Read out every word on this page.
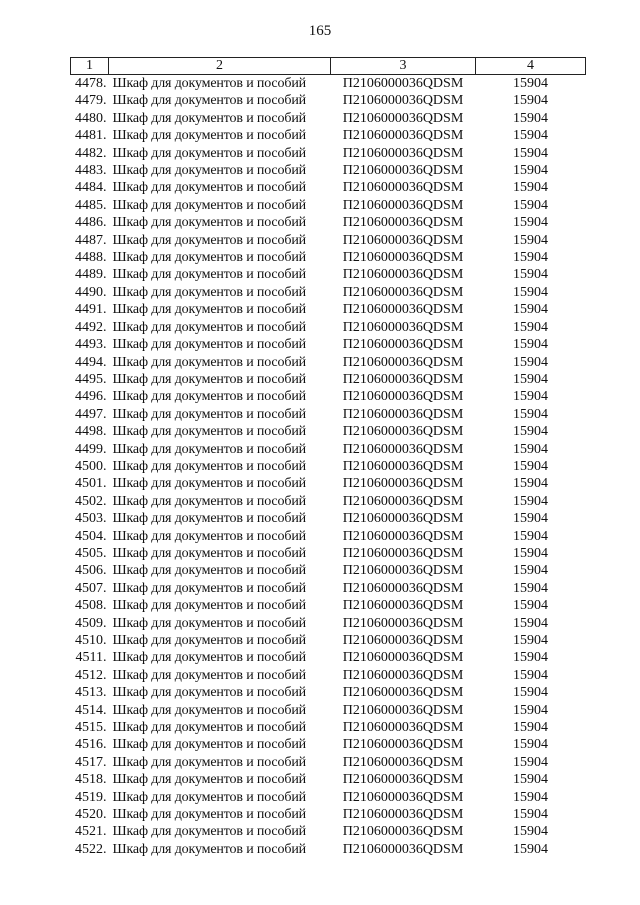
165
1	2	3	4
4478.	Шкаф для документов и пособий	П2106000036QDSM	15904
4479.	Шкаф для документов и пособий	П2106000036QDSM	15904
4480.	Шкаф для документов и пособий	П2106000036QDSM	15904
4481.	Шкаф для документов и пособий	П2106000036QDSM	15904
4482.	Шкаф для документов и пособий	П2106000036QDSM	15904
4483.	Шкаф для документов и пособий	П2106000036QDSM	15904
4484.	Шкаф для документов и пособий	П2106000036QDSM	15904
4485.	Шкаф для документов и пособий	П2106000036QDSM	15904
4486.	Шкаф для документов и пособий	П2106000036QDSM	15904
4487.	Шкаф для документов и пособий	П2106000036QDSM	15904
4488.	Шкаф для документов и пособий	П2106000036QDSM	15904
4489.	Шкаф для документов и пособий	П2106000036QDSM	15904
4490.	Шкаф для документов и пособий	П2106000036QDSM	15904
4491.	Шкаф для документов и пособий	П2106000036QDSM	15904
4492.	Шкаф для документов и пособий	П2106000036QDSM	15904
4493.	Шкаф для документов и пособий	П2106000036QDSM	15904
4494.	Шкаф для документов и пособий	П2106000036QDSM	15904
4495.	Шкаф для документов и пособий	П2106000036QDSM	15904
4496.	Шкаф для документов и пособий	П2106000036QDSM	15904
4497.	Шкаф для документов и пособий	П2106000036QDSM	15904
4498.	Шкаф для документов и пособий	П2106000036QDSM	15904
4499.	Шкаф для документов и пособий	П2106000036QDSM	15904
4500.	Шкаф для документов и пособий	П2106000036QDSM	15904
4501.	Шкаф для документов и пособий	П2106000036QDSM	15904
4502.	Шкаф для документов и пособий	П2106000036QDSM	15904
4503.	Шкаф для документов и пособий	П2106000036QDSM	15904
4504.	Шкаф для документов и пособий	П2106000036QDSM	15904
4505.	Шкаф для документов и пособий	П2106000036QDSM	15904
4506.	Шкаф для документов и пособий	П2106000036QDSM	15904
4507.	Шкаф для документов и пособий	П2106000036QDSM	15904
4508.	Шкаф для документов и пособий	П2106000036QDSM	15904
4509.	Шкаф для документов и пособий	П2106000036QDSM	15904
4510.	Шкаф для документов и пособий	П2106000036QDSM	15904
4511.	Шкаф для документов и пособий	П2106000036QDSM	15904
4512.	Шкаф для документов и пособий	П2106000036QDSM	15904
4513.	Шкаф для документов и пособий	П2106000036QDSM	15904
4514.	Шкаф для документов и пособий	П2106000036QDSM	15904
4515.	Шкаф для документов и пособий	П2106000036QDSM	15904
4516.	Шкаф для документов и пособий	П2106000036QDSM	15904
4517.	Шкаф для документов и пособий	П2106000036QDSM	15904
4518.	Шкаф для документов и пособий	П2106000036QDSM	15904
4519.	Шкаф для документов и пособий	П2106000036QDSM	15904
4520.	Шкаф для документов и пособий	П2106000036QDSM	15904
4521.	Шкаф для документов и пособий	П2106000036QDSM	15904
4522.	Шкаф для документов и пособий	П2106000036QDSM	15904
